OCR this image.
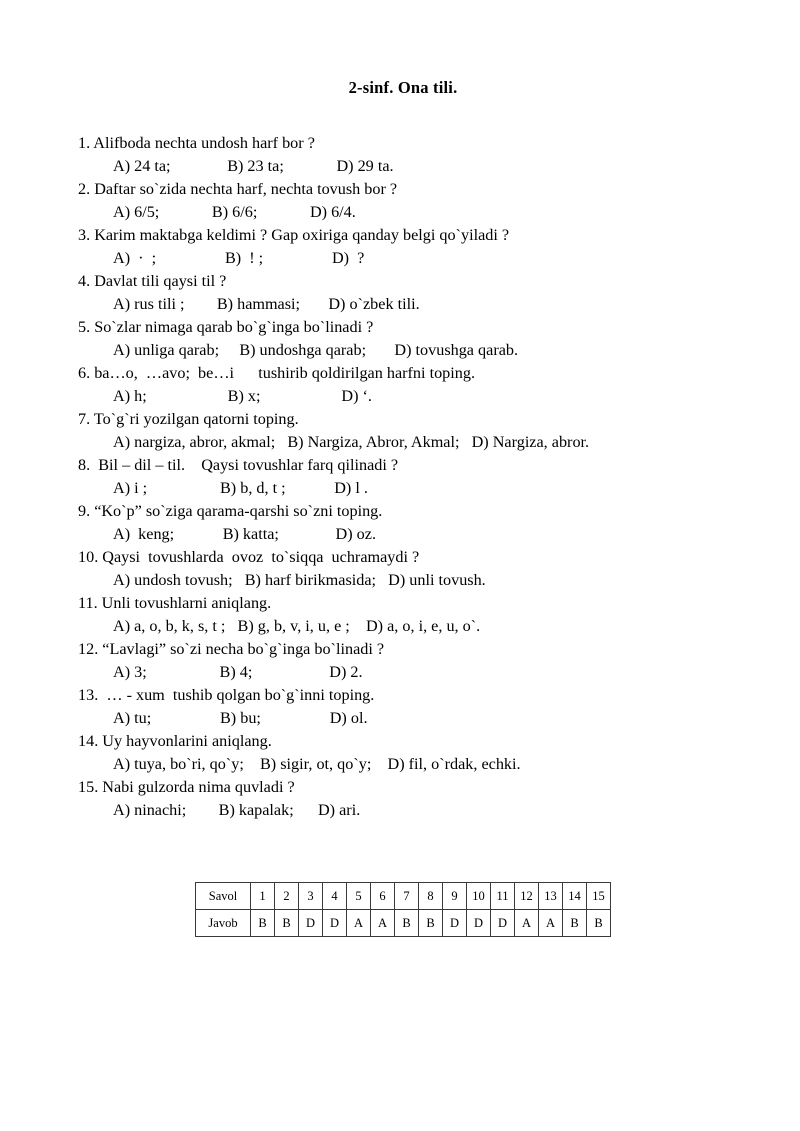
2-sinf. Ona tili.
1. Alifboda nechta undosh harf bor ?
A) 24 ta;              B) 23 ta;             D) 29 ta.
2. Daftar so`zida nechta harf, nechta tovush bor ?
A) 6/5;             B) 6/6;             D) 6/4.
3. Karim maktabga keldimi ? Gap oxiriga qanday belgi qo`yiladi ?
A)  ·  ;                 B)  ! ;                 D)  ?
4. Davlat tili qaysi til ?
A) rus tili ;        B) hammasi;       D) o`zbek tili.
5. So`zlar nimaga qarab bo`g`inga bo`linadi ?
A) unliga qarab;     B) undoshga qarab;       D) tovushga qarab.
6. ba…o,  …avo;  be…i      tushirib qoldirilgan harfni toping.
A) h;                    B) x;                    D) ‘.
7. To`g`ri yozilgan qatorni toping.
A) nargiza, abror, akmal;   B) Nargiza, Abror, Akmal;   D) Nargiza, abror.
8.  Bil – dil – til.    Qaysi tovushlar farq qilinadi ?
A) i ;                  B) b, d, t ;            D) l .
9. “Ko`p” so`ziga qarama-qarshi so`zni toping.
A)  keng;            B) katta;              D) oz.
10. Qaysi  tovushlarda  ovoz  to`siqqa  uchramaydi ?
A) undosh tovush;   B) harf birikmasida;   D) unli tovush.
11. Unli tovushlarni aniqlang.
A) a, o, b, k, s, t ;   B) g, b, v, i, u, e ;    D) a, o, i, e, u, o`.
12. “Lavlagi” so`zi necha bo`g`inga bo`linadi ?
A) 3;                  B) 4;                   D) 2.
13.  … - xum  tushib qolgan bo`g`inni toping.
A) tu;                 B) bu;                 D) ol.
14. Uy hayvonlarini aniqlang.
A) tuya, bo`ri, qo`y;    B) sigir, ot, qo`y;    D) fil, o`rdak, echki.
15. Nabi gulzorda nima quvladi ?
A) ninachi;        B) kapalak;      D) ari.
Savol	1	2	3	4	5	6	7	8	9	10	11	12	13	14	15
Javob	B	B	D	D	A	A	B	B	D	D	D	A	A	B	B
